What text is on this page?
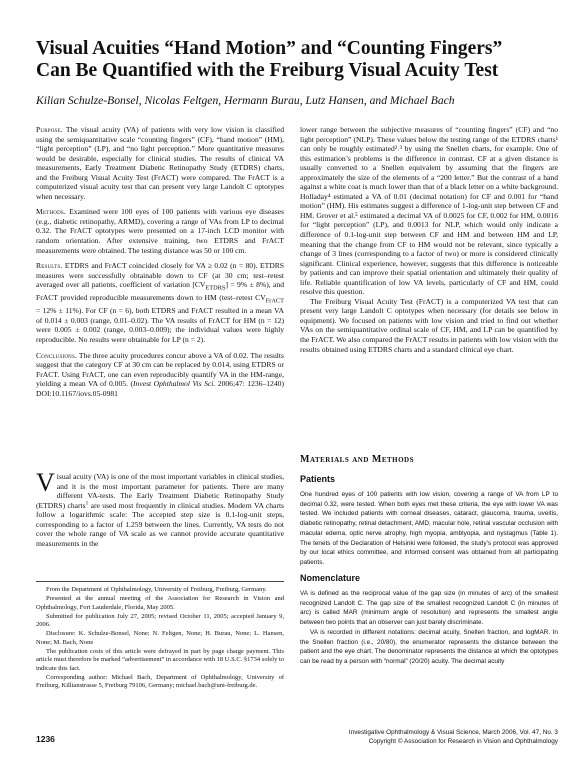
Visual Acuities “Hand Motion” and “Counting Fingers”
Can Be Quantified with the Freiburg Visual Acuity Test
Kilian Schulze-Bonsel, Nicolas Feltgen, Hermann Burau, Lutz Hansen, and Michael Bach

Purpose. The visual acuity (VA) of patients with very low vision is classified using the semiquantitative scale “counting fingers” (CF), “hand motion” (HM), “light perception” (LP), and “no light perception.” More quantitative measures would be desirable, especially for clinical studies. The results of clinical VA measurements, Early Treatment Diabetic Retinopathy Study (ETDRS) charts, and the Freiburg Visual Acuity Test (FrACT) were compared. The FrACT is a computerized visual acuity test that can present very large Landolt C optotypes when necessary.

Methods. Examined were 100 eyes of 100 patients with various eye diseases (e.g., diabetic retinopathy, ARMD), covering a range of VAs from LP to decimal 0.32. The FrACT optotypes were presented on a 17-inch LCD monitor with random orientation. After extensive training, two ETDRS and FrACT measurements were obtained. The testing distance was 50 or 100 cm.

Results. ETDRS and FrACT coincided closely for VA ≥ 0.02 (n = 80). ETDRS measures were successfully obtainable down to CF (at 30 cm; test–retest averaged over all patients, coefficient of variation $[CV_{ETDRS}] = 9\% \pm 8\%$), and FrACT provided reproducible measurements down to HM (test–retest $CV_{FrACT} = 12\% \pm 11\%$). For CF (n = 6), both ETDRS and FrACT resulted in a mean VA of 0.014 ± 0.003 (range, 0.01–0.02). The VA results of FrACT for HM (n = 12) were 0.005 ± 0.002 (range, 0.003–0.009); the individual values were highly reproducible. No results were obtainable for LP (n = 2).

Conclusions. The three acuity procedures concur above a VA of 0.02. The results suggest that the category CF at 30 cm can be replaced by 0.014, using ETDRS or FrACT. Using FrACT, one can even reproducibly quantify VA in the HM-range, yielding a mean VA of 0.005. (Invest Ophthalmol Vis Sci. 2006;47: 1236–1240) DOI:10.1167/iovs.05-0981

Visual acuity (VA) is one of the most important variables in clinical studies, and it is the most important parameter for patients. There are many different VA-tests. The Early Treatment Diabetic Retinopathy Study (ETDRS) charts$^1$ are used most frequently in clinical studies. Modern VA charts follow a logarithmic scale: The accepted step size is 0.1-log-unit steps, corresponding to a factor of 1.259 between the lines. Currently, VA tests do not cover the whole range of VA scale as we cannot provide accurate quantitative measurements in the

From the Department of Ophthalmology, University of Freiburg, Freiburg, Germany.

Presented at the annual meeting of the Association for Research in Vision and Ophthalmology, Fort Lauderdale, Florida, May 2005.

Submitted for publication July 27, 2005; revised October 11, 2005; accepted January 9, 2006.

Disclosure: K. Schulze-Bonsel, None; N. Feltgen, None; H. Burau, None; L. Hansen, None; M. Bach, None

The publication costs of this article were defrayed in part by page charge payment. This article must therefore be marked “advertisement” in accordance with 18 U.S.C. §1734 solely to indicate this fact.

Corresponding author: Michael Bach, Department of Ophthalmology, University of Freiburg, Killianstrasse 5, Freiburg 79106, Germany; michael.bach@uni-freiburg.de.

lower range between the subjective measures of “counting fingers” (CF) and “no light perception” (NLP). These values below the testing range of the ETDRS charts¹ can only be roughly estimated²˒³ by using the Snellen charts, for example. One of this estimation’s problems is the difference in contrast. CF at a given distance is usually converted to a Snellen equivalent by assuming that the fingers are approximately the size of the elements of a “200 letter.” But the contrast of a hand against a white coat is much lower than that of a black letter on a white background. Holladay⁴ estimated a VA of 0.01 (decimal notation) for CF and 0.001 for “hand motion” (HM). His estimates suggest a difference of 1-log-unit step between CF and HM. Grover et al.⁵ estimated a decimal VA of 0.0025 for CF, 0.002 for HM, 0.0016 for “light perception” (LP), and 0.0013 for NLP, which would only indicate a difference of 0.1-log-unit step between CF and HM and between HM and LP, meaning that the change from CF to HM would not be relevant, since typically a change of 3 lines (corresponding to a factor of two) or more is considered clinically significant. Clinical experience, however, suggests that this difference is noticeable by patients and can improve their spatial orientation and ultimately their quality of life. Reliable quantification of low VA levels, particularly of CF and HM, could resolve this question.

The Freiburg Visual Acuity Test (FrACT) is a computerized VA test that can present very large Landolt C optotypes when necessary (for details see below in equipment). We focused on patients with low vision and tried to find out whether VAs on the semiquantitative ordinal scale of CF, HM, and LP can be quantified by the FrACT. We also compared the FrACT results in patients with low vision with the results obtained using ETDRS charts and a standard clinical eye chart.

Materials and Methods
Patients
One hundred eyes of 100 patients with low vision, covering a range of VA from LP to decimal 0.32, were tested. When both eyes met these criteria, the eye with lower VA was tested. We included patients with corneal diseases, cataract, glaucoma, trauma, uveitis, diabetic retinopathy, retinal detachment, AMD, macular hole, retinal vascular occlusion with macular edema, optic nerve atrophy, high myopia, amblyopia, and nystagmus (Table 1). The tenets of the Declaration of Helsinki were followed, the study’s protocol was approved by our local ethics committee, and informed consent was obtained from all participating patients.
Nomenclature

VA is defined as the reciprocal value of the gap size (in minutes of arc) of the smallest recognized Landolt C. The gap size of the smallest recognized Landolt C (in minutes of arc) is called MAR (minimum angle of resolution) and represents the smallest angle between two points that an observer can just barely discriminate.

VA is recorded in different notations: decimal acuity, Snellen fraction, and logMAR. In the Snellen fraction (i.e., 20/80), the enumerator represents the distance between the patient and the eye chart. The denominator represents the distance at which the optotypes can be read by a person with “normal” (20/20) acuity. The decimal acuity

1236
Investigative Ophthalmology & Visual Science, March 2006, Vol. 47, No. 3
Copyright © Association for Research in Vision and Ophthalmology
